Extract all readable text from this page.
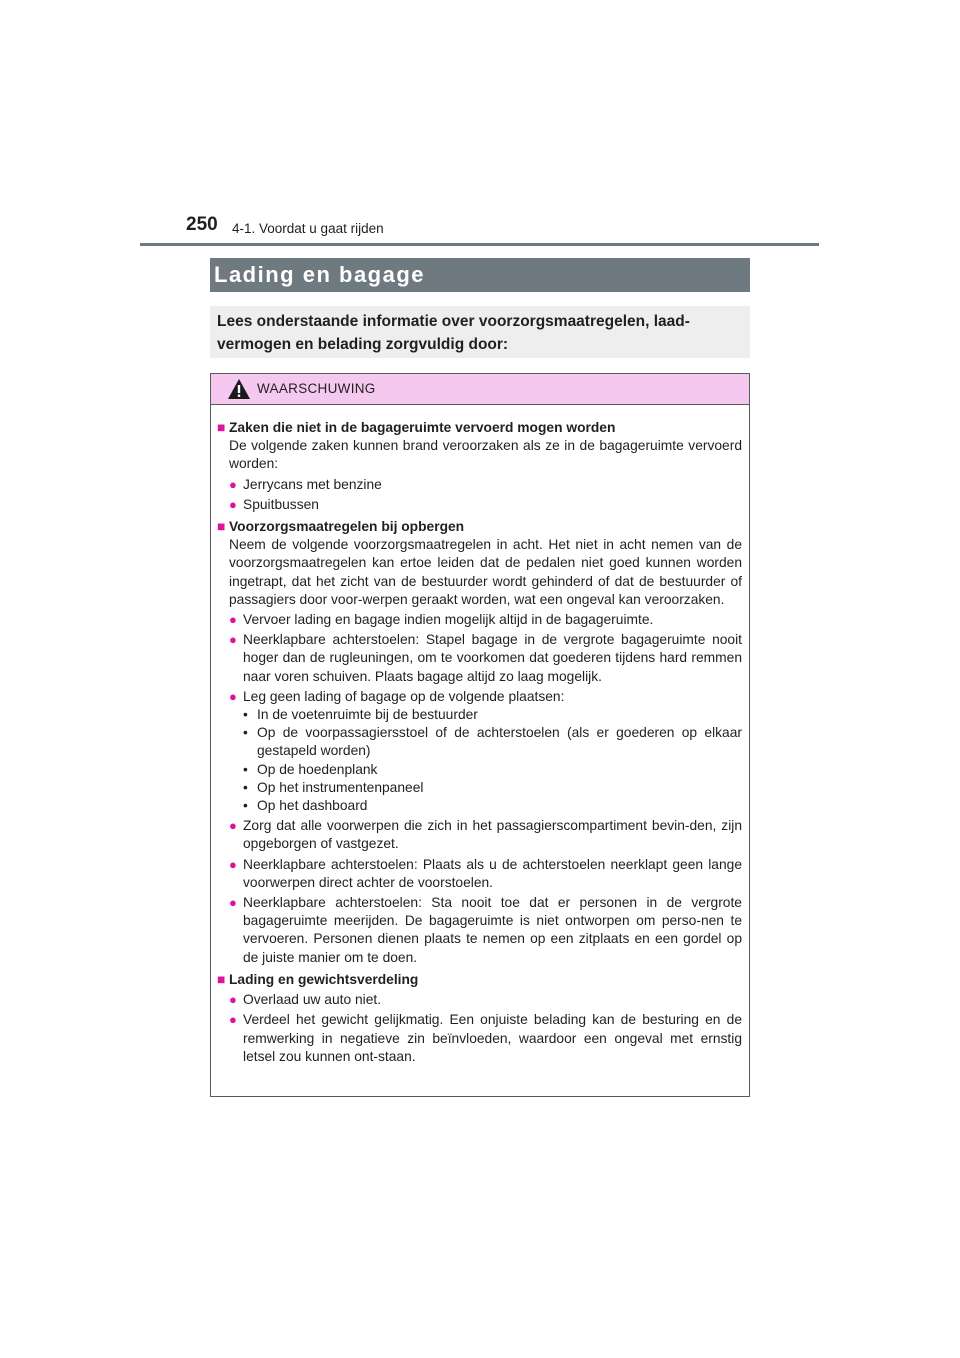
250 4-1. Voordat u gaat rijden
Lading en bagage
Lees onderstaande informatie over voorzorgsmaatregelen, laad-vermogen en belading zorgvuldig door:
WAARSCHUWING
■ Zaken die niet in de bagageruimte vervoerd mogen worden
De volgende zaken kunnen brand veroorzaken als ze in de bagageruimte vervoerd worden:
● Jerrycans met benzine
● Spuitbussen
■ Voorzorgsmaatregelen bij opbergen
Neem de volgende voorzorgsmaatregelen in acht. Het niet in acht nemen van de voorzorgsmaatregelen kan ertoe leiden dat de pedalen niet goed kunnen worden ingetrapt, dat het zicht van de bestuurder wordt gehinderd of dat de bestuurder of passagiers door voor-werpen geraakt worden, wat een ongeval kan veroorzaken.
● Vervoer lading en bagage indien mogelijk altijd in de bagageruimte.
● Neerklapbare achterstoelen: Stapel bagage in de vergrote bagageruimte nooit hoger dan de rugleuningen, om te voorkomen dat goederen tijdens hard remmen naar voren schuiven. Plaats bagage altijd zo laag mogelijk.
● Leg geen lading of bagage op de volgende plaatsen:
• In de voetenruimte bij de bestuurder
• Op de voorpassagiersstoel of de achterstoelen (als er goederen op elkaar gestapeld worden)
• Op de hoedenplank
• Op het instrumentenpaneel
• Op het dashboard
● Zorg dat alle voorwerpen die zich in het passagierscompartiment bevin-den, zijn opgeborgen of vastgezet.
● Neerklapbare achterstoelen: Plaats als u de achterstoelen neerklapt geen lange voorwerpen direct achter de voorstoelen.
● Neerklapbare achterstoelen: Sta nooit toe dat er personen in de vergrote bagageruimte meerijden. De bagageruimte is niet ontworpen om perso-nen te vervoeren. Personen dienen plaats te nemen op een zitplaats en een gordel op de juiste manier om te doen.
■ Lading en gewichtsverdeling
● Overlaad uw auto niet.
● Verdeel het gewicht gelijkmatig. Een onjuiste belading kan de besturing en de remwerking in negatieve zin beïnvloeden, waardoor een ongeval met ernstig letsel zou kunnen ont-staan.
